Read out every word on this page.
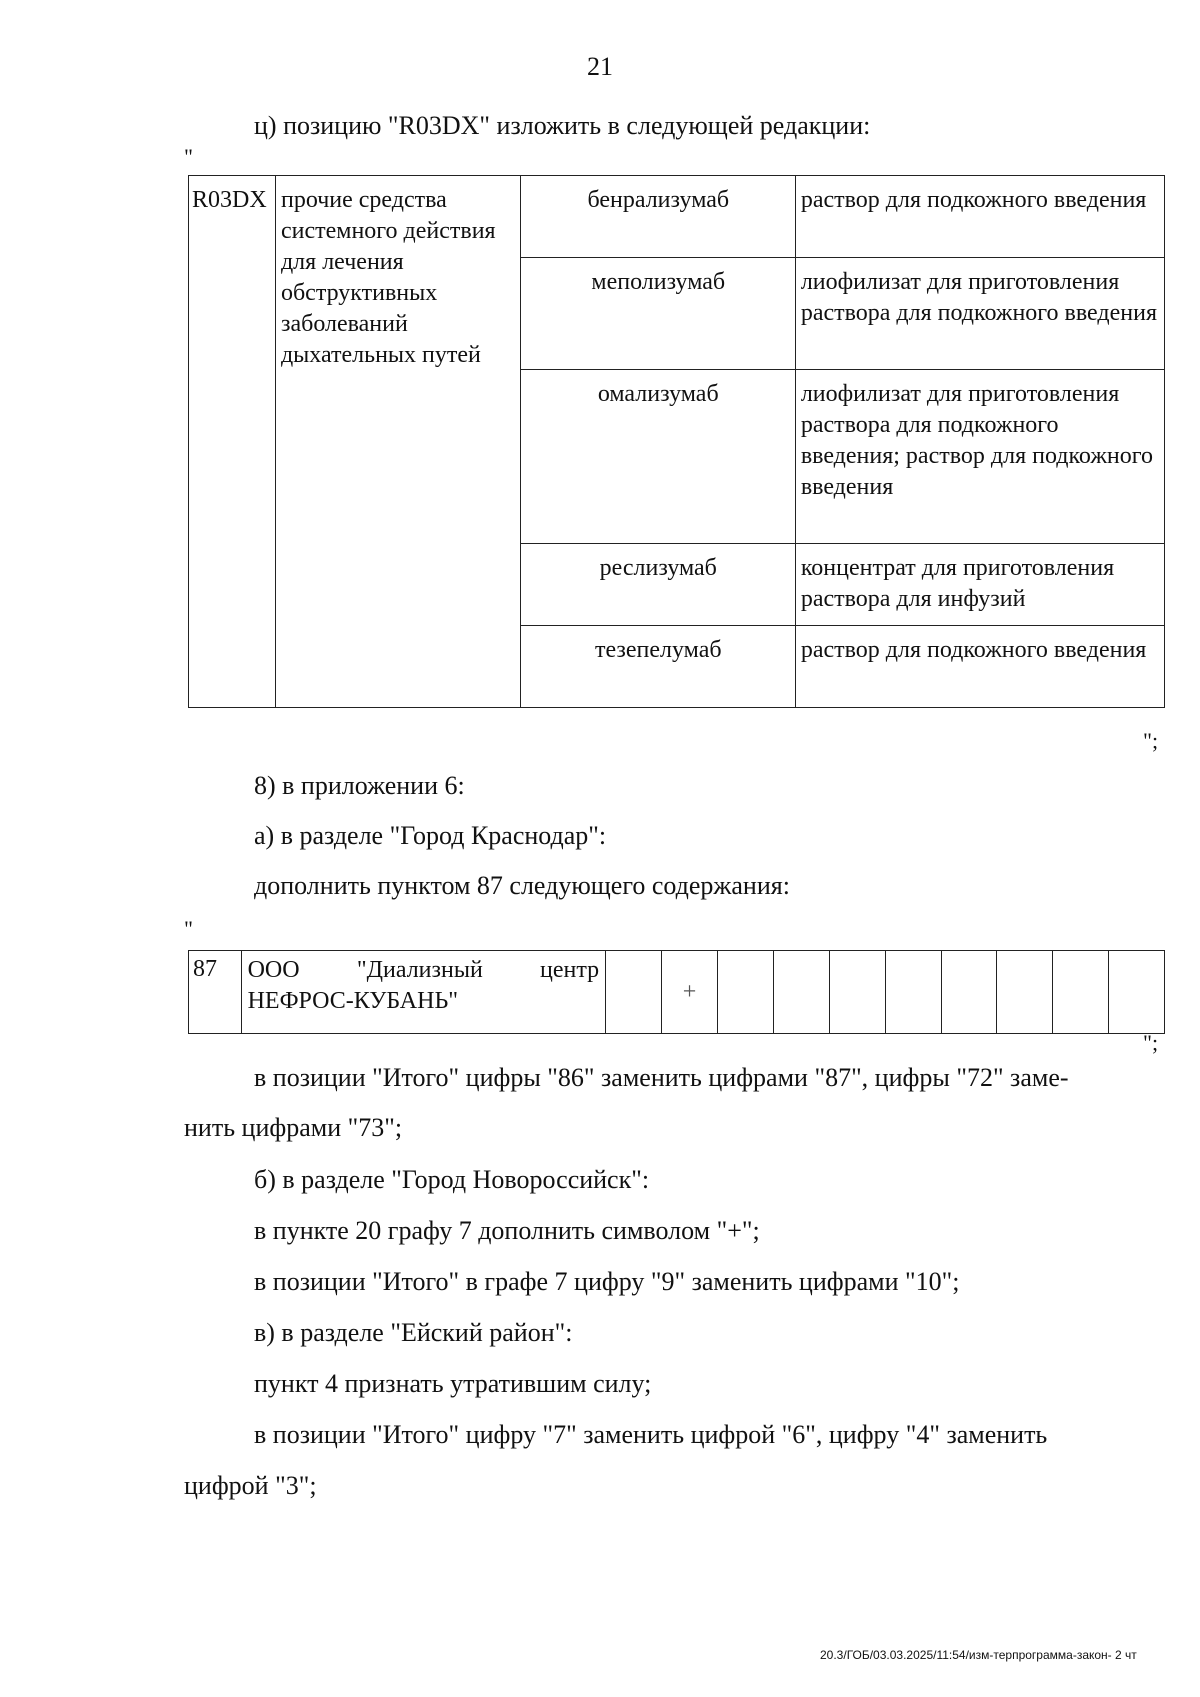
21
ц) позицию "R03DX" изложить в следующей редакции:
"
R03DX	прочие средства системного действия для лечения обструктивных заболеваний дыхательных путей	бенрализумаб	раствор для подкожного введения
		меполизумаб	лиофилизат для приготовления раствора для подкожного введения
		омализумаб	лиофилизат для приготовления раствора для подкожного введения; раствор для подкожного введения
		реслизумаб	концентрат для приготовления раствора для инфузий
		тезепелумаб	раствор для подкожного введения
";
8) в приложении 6:
а) в разделе "Город Краснодар":
дополнить пунктом 87 следующего содержания:
"
87	ООО "Диализный центр
НЕФРОС-КУБАНЬ"		+								
";
в позиции "Итого" цифры "86" заменить цифрами "87", цифры "72" заме-
нить цифрами "73";
б) в разделе "Город Новороссийск":
в пункте 20 графу 7 дополнить символом "+";
в позиции "Итого" в графе 7 цифру "9" заменить цифрами "10";
в) в разделе "Ейский район":
пункт 4 признать утратившим силу;
в позиции "Итого" цифру "7" заменить цифрой "6", цифру "4" заменить
цифрой "3";
20.3/ГОБ/03.03.2025/11:54/изм-терпрограмма-закон- 2 чт
